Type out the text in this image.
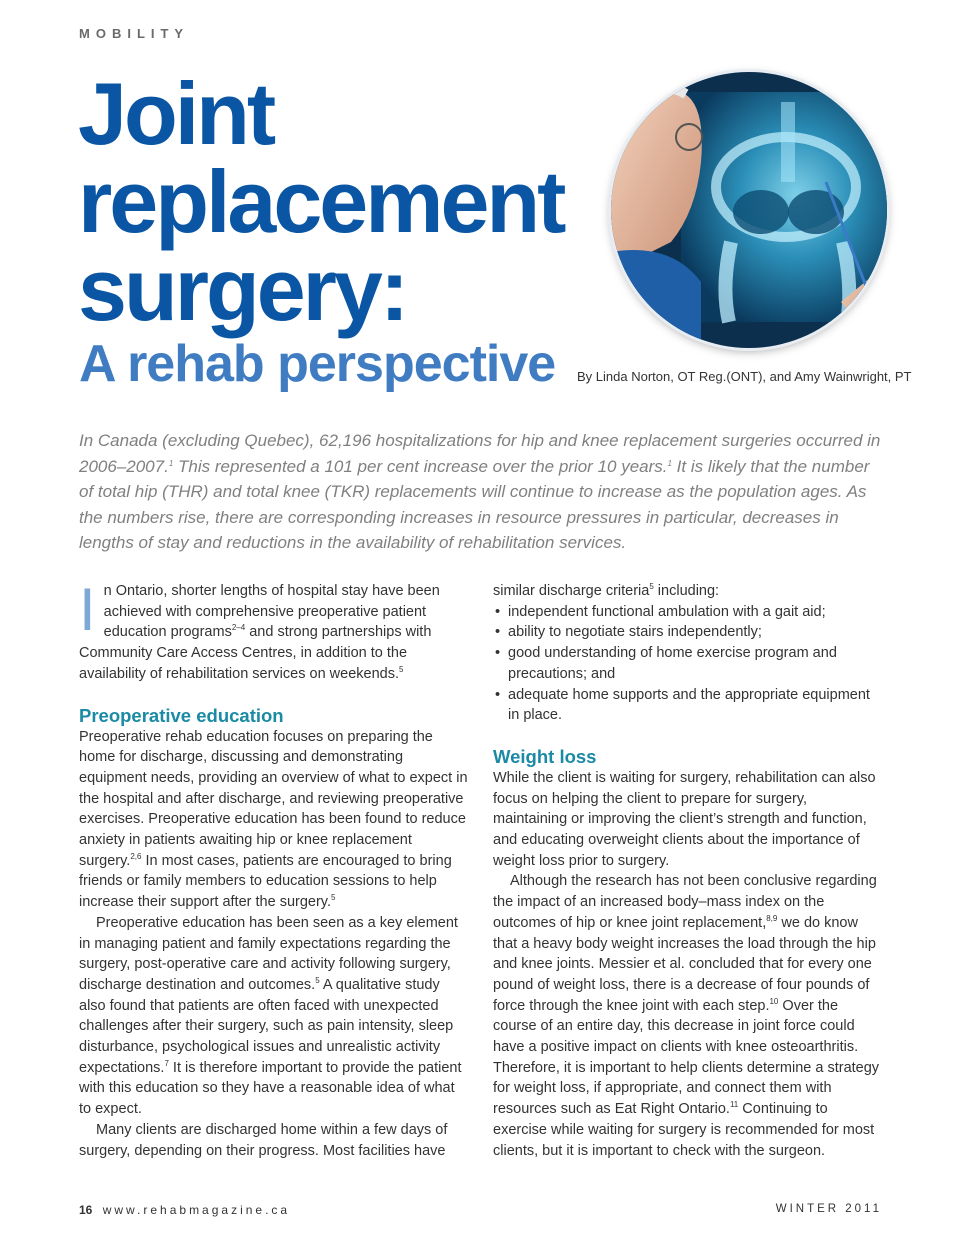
MOBILITY
Joint
replacement
surgery:
A rehab perspective By Linda Norton, OT Reg.(ONT), and Amy Wainwright, PT

In Canada (excluding Quebec), 62,196 hospitalizations for hip and knee replacement surgeries occurred in 2006–2007.$^1$ This represented a 101 per cent increase over the prior 10 years.$^1$ It is likely that the number of total hip (THR) and total knee (TKR) replacements will continue to increase as the population ages. As the numbers rise, there are corresponding increases in resource pressures in particular, decreases in lengths of stay and reductions in the availability of rehabilitation services.

In Ontario, shorter lengths of hospital stay have been achieved with comprehensive preoperative patient education programs$^{2-4}$ and strong partnerships with Community Care Access Centres, in addition to the availability of rehabilitation services on weekends.$^5$

Preoperative education

Preoperative rehab education focuses on preparing the home for discharge, discussing and demonstrating equipment needs, providing an overview of what to expect in the hospital and after discharge, and reviewing preoperative exercises. Preoperative education has been found to reduce anxiety in patients awaiting hip or knee replacement surgery.$^{2,6}$ In most cases, patients are encouraged to bring friends or family members to education sessions to help increase their support after the surgery.$^5$

Preoperative education has been seen as a key element in managing patient and family expectations regarding the surgery, post-operative care and activity following surgery, discharge destination and outcomes.$^5$ A qualitative study also found that patients are often faced with unexpected challenges after their surgery, such as pain intensity, sleep disturbance, psychological issues and unrealistic activity expectations.$^7$ It is therefore important to provide the patient with this education so they have a reasonable idea of what to expect.

Many clients are discharged home within a few days of surgery, depending on their progress. Most facilities have

similar discharge criteria$^5$ including:

• independent functional ambulation with a gait aid;
• ability to negotiate stairs independently;
• good understanding of home exercise program and precautions; and
• adequate home supports and the appropriate equipment in place.
Weight loss

While the client is waiting for surgery, rehabilitation can also focus on helping the client to prepare for surgery, maintaining or improving the client’s strength and function, and educating overweight clients about the importance of weight loss prior to surgery.

Although the research has not been conclusive regarding the impact of an increased body–mass index on the outcomes of hip or knee joint replacement,$^{8,9}$ we do know that a heavy body weight increases the load through the hip and knee joints. Messier et al. concluded that for every one pound of weight loss, there is a decrease of four pounds of force through the knee joint with each step.$^{10}$ Over the course of an entire day, this decrease in joint force could have a positive impact on clients with knee osteoarthritis. Therefore, it is important to help clients determine a strategy for weight loss, if appropriate, and connect them with resources such as Eat Right Ontario.$^{11}$ Continuing to exercise while waiting for surgery is recommended for most clients, but it is important to check with the surgeon.

16 www.rehabmagazine.ca	WINTER 2011
